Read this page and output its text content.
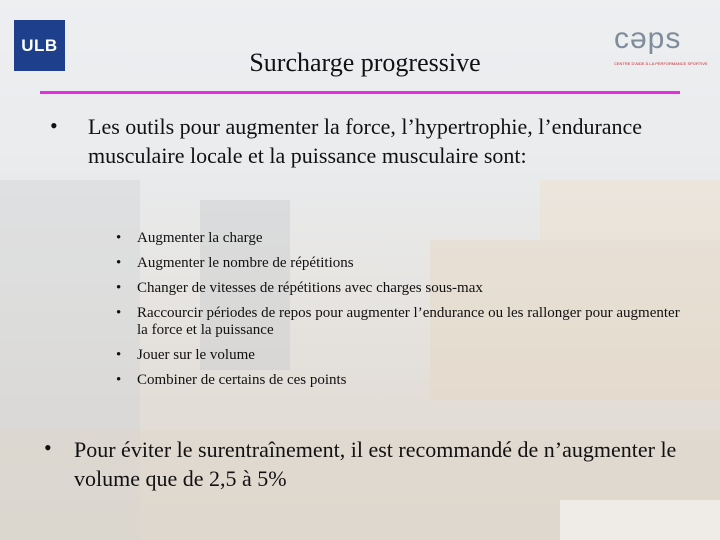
ULB
Surcharge progressive
cəps
CENTRE D'AIDE À LA PERFORMANCE SPORTIVE
• Les outils pour augmenter la force, l’hypertrophie, l’endurance musculaire locale et la puissance musculaire sont:
• Augmenter la charge
• Augmenter le nombre de répétitions
• Changer de vitesses de répétitions avec charges sous-max
• Raccourcir périodes de repos pour augmenter l’endurance ou les rallonger pour augmenter la force et la puissance
• Jouer sur le volume
• Combiner de certains de ces points
• Pour éviter le surentraînement, il est recommandé de n’augmenter le volume que de 2,5 à 5%
